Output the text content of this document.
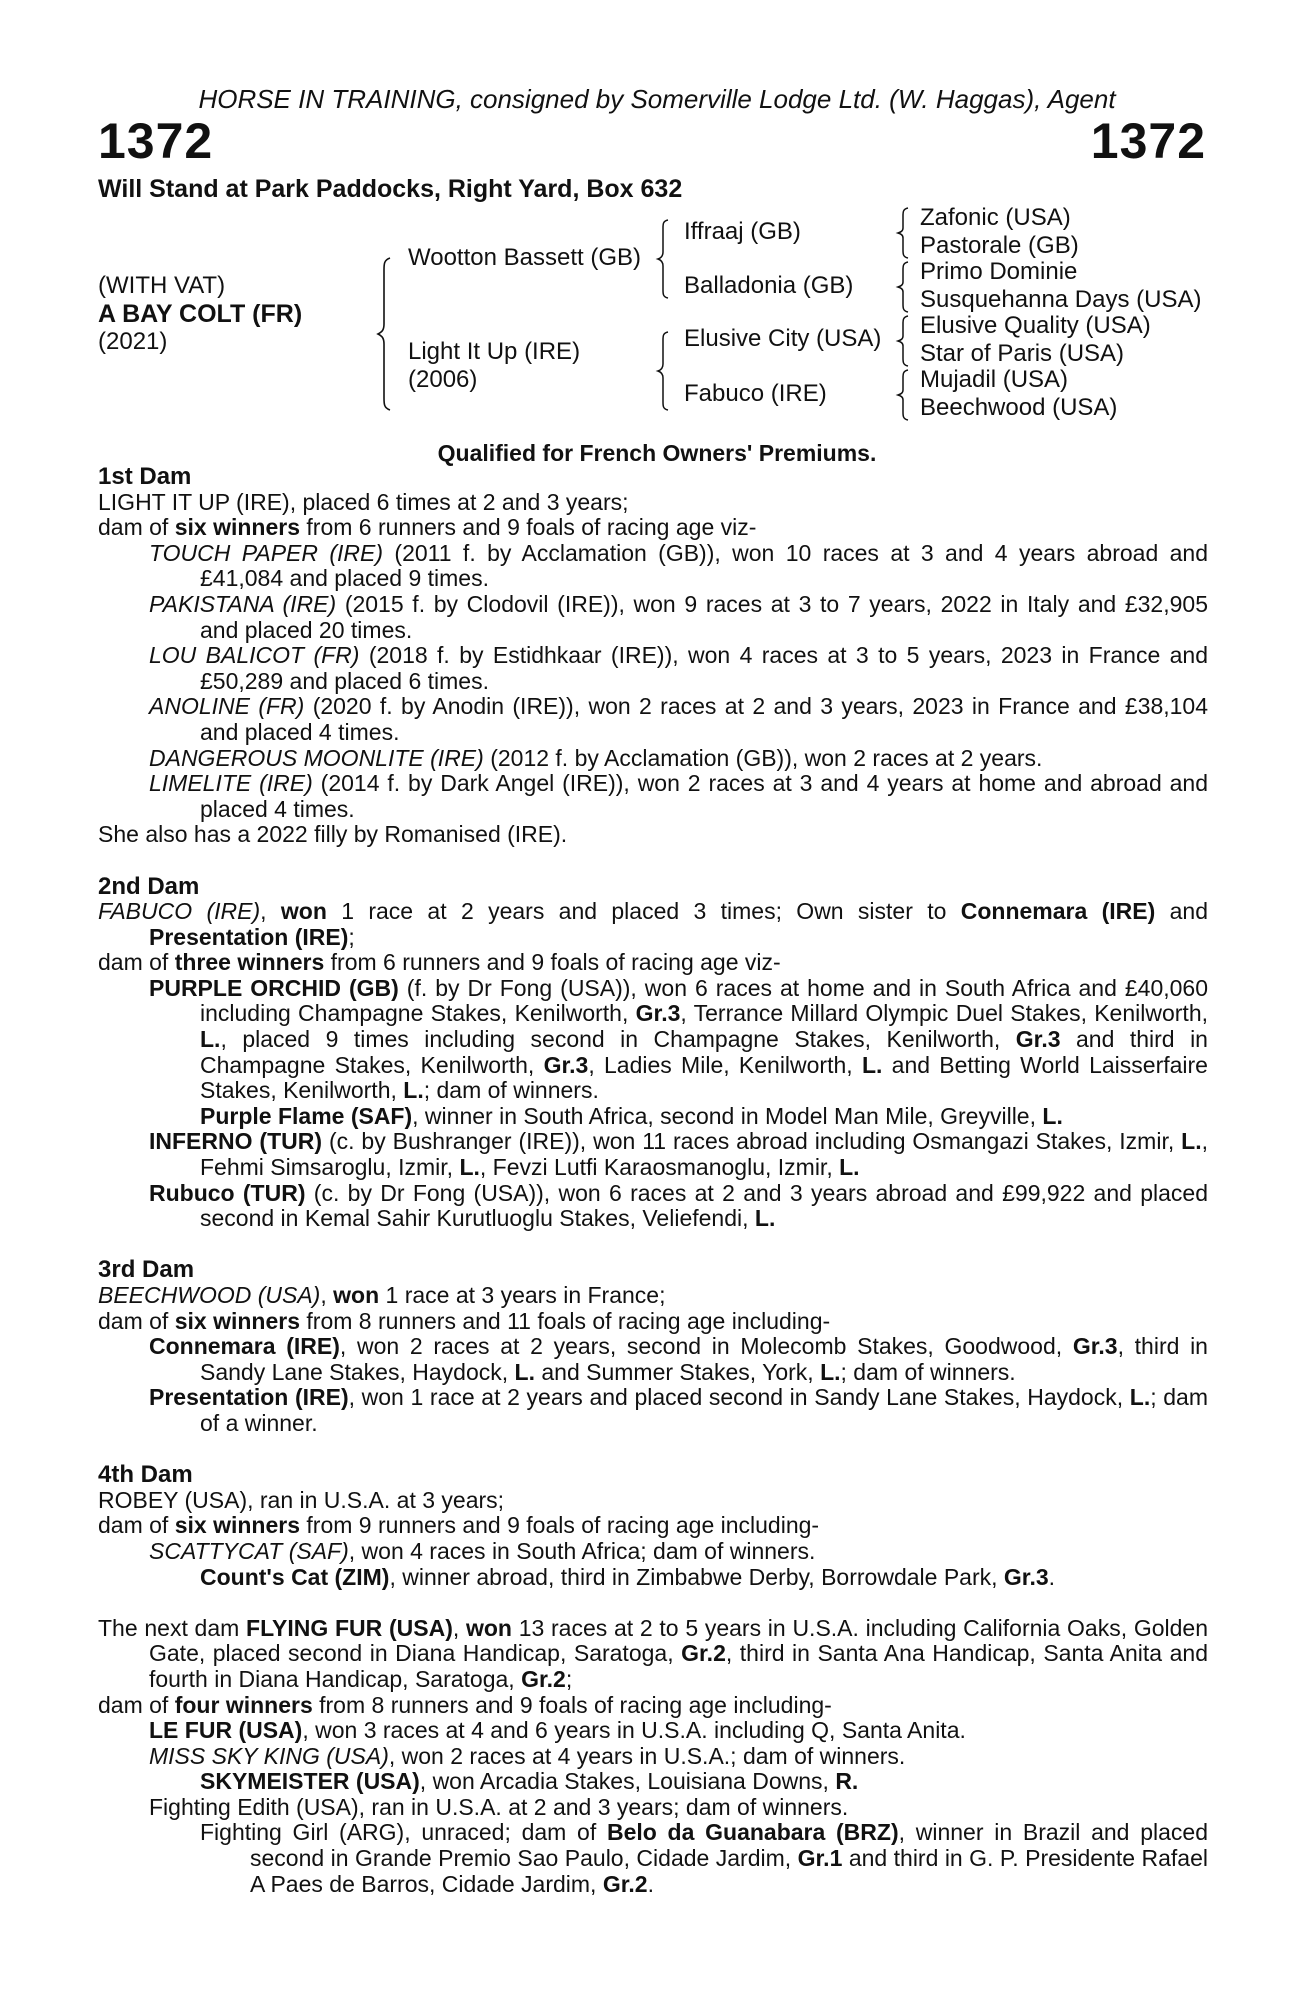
HORSE IN TRAINING, consigned by Somerville Lodge Ltd. (W. Haggas), Agent
1372	1372
Will Stand at Park Paddocks, Right Yard, Box 632
(WITH VAT)
A BAY COLT (FR)
(2021)
Wootton Bassett (GB)
Light It Up (IRE)
(2006)
Iffraaj (GB)
Balladonia (GB)
Elusive City (USA)
Fabuco (IRE)
Zafonic (USA)
Pastorale (GB)
Primo Dominie
Susquehanna Days (USA)
Elusive Quality (USA)
Star of Paris (USA)
Mujadil (USA)
Beechwood (USA)
Qualified for French Owners' Premiums.

1st Dam

LIGHT IT UP (IRE), placed 6 times at 2 and 3 years;

dam of six winners from 6 runners and 9 foals of racing age viz-

TOUCH PAPER (IRE) (2011 f. by Acclamation (GB)), won 10 races at 3 and 4 years abroad and £41,084 and placed 9 times.

PAKISTANA (IRE) (2015 f. by Clodovil (IRE)), won 9 races at 3 to 7 years, 2022 in Italy and £32,905 and placed 20 times.

LOU BALICOT (FR) (2018 f. by Estidhkaar (IRE)), won 4 races at 3 to 5 years, 2023 in France and £50,289 and placed 6 times.

ANOLINE (FR) (2020 f. by Anodin (IRE)), won 2 races at 2 and 3 years, 2023 in France and £38,104 and placed 4 times.

DANGEROUS MOONLITE (IRE) (2012 f. by Acclamation (GB)), won 2 races at 2 years.

LIMELITE (IRE) (2014 f. by Dark Angel (IRE)), won 2 races at 3 and 4 years at home and abroad and placed 4 times.

She also has a 2022 filly by Romanised (IRE).

2nd Dam

FABUCO (IRE), won 1 race at 2 years and placed 3 times; Own sister to Connemara (IRE) and Presentation (IRE);

dam of three winners from 6 runners and 9 foals of racing age viz-

PURPLE ORCHID (GB) (f. by Dr Fong (USA)), won 6 races at home and in South Africa and £40,060 including Champagne Stakes, Kenilworth, Gr.3, Terrance Millard Olympic Duel Stakes, Kenilworth, L., placed 9 times including second in Champagne Stakes, Kenilworth, Gr.3 and third in Champagne Stakes, Kenilworth, Gr.3, Ladies Mile, Kenilworth, L. and Betting World Laisserfaire Stakes, Kenilworth, L.; dam of winners.

Purple Flame (SAF), winner in South Africa, second in Model Man Mile, Greyville, L.

INFERNO (TUR) (c. by Bushranger (IRE)), won 11 races abroad including Osmangazi Stakes, Izmir, L., Fehmi Simsaroglu, Izmir, L., Fevzi Lutfi Karaosmanoglu, Izmir, L.

Rubuco (TUR) (c. by Dr Fong (USA)), won 6 races at 2 and 3 years abroad and £99,922 and placed second in Kemal Sahir Kurutluoglu Stakes, Veliefendi, L.

3rd Dam

BEECHWOOD (USA), won 1 race at 3 years in France;

dam of six winners from 8 runners and 11 foals of racing age including-

Connemara (IRE), won 2 races at 2 years, second in Molecomb Stakes, Goodwood, Gr.3, third in Sandy Lane Stakes, Haydock, L. and Summer Stakes, York, L.; dam of winners.

Presentation (IRE), won 1 race at 2 years and placed second in Sandy Lane Stakes, Haydock, L.; dam of a winner.

4th Dam

ROBEY (USA), ran in U.S.A. at 3 years;

dam of six winners from 9 runners and 9 foals of racing age including-

SCATTYCAT (SAF), won 4 races in South Africa; dam of winners.

Count's Cat (ZIM), winner abroad, third in Zimbabwe Derby, Borrowdale Park, Gr.3.

The next dam FLYING FUR (USA), won 13 races at 2 to 5 years in U.S.A. including California Oaks, Golden Gate, placed second in Diana Handicap, Saratoga, Gr.2, third in Santa Ana Handicap, Santa Anita and fourth in Diana Handicap, Saratoga, Gr.2;

dam of four winners from 8 runners and 9 foals of racing age including-

LE FUR (USA), won 3 races at 4 and 6 years in U.S.A. including Q, Santa Anita.

MISS SKY KING (USA), won 2 races at 4 years in U.S.A.; dam of winners.

SKYMEISTER (USA), won Arcadia Stakes, Louisiana Downs, R.

Fighting Edith (USA), ran in U.S.A. at 2 and 3 years; dam of winners.

Fighting Girl (ARG), unraced; dam of Belo da Guanabara (BRZ), winner in Brazil and placed second in Grande Premio Sao Paulo, Cidade Jardim, Gr.1 and third in G. P. Presidente Rafael A Paes de Barros, Cidade Jardim, Gr.2.
